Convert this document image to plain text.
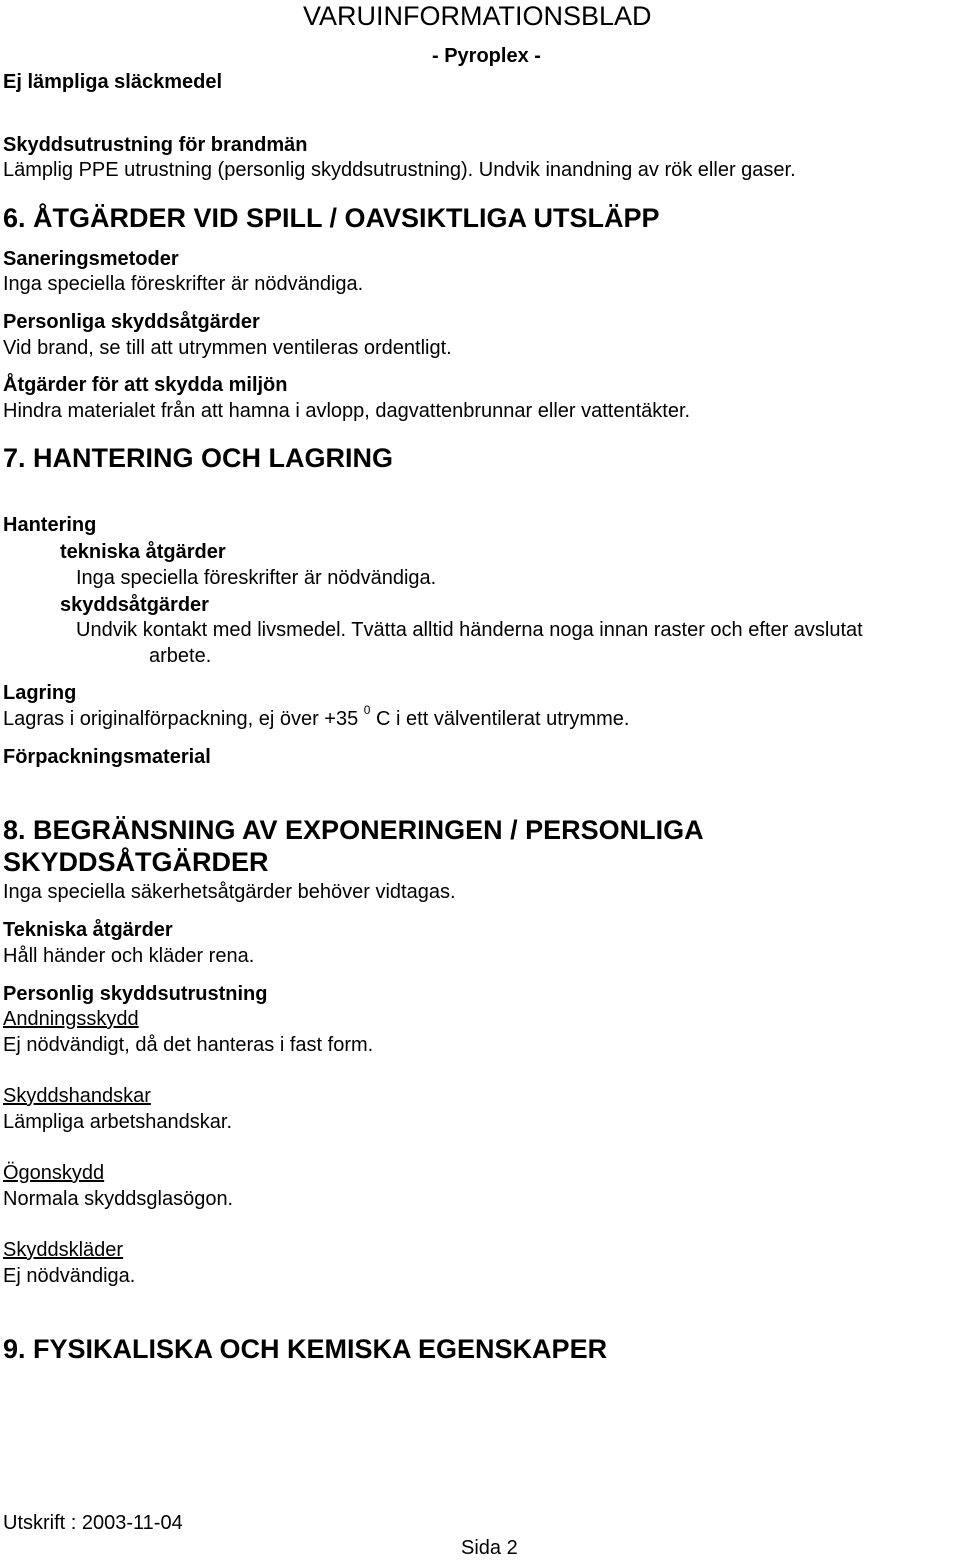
VARUINFORMATIONSBLAD
- Pyroplex -
Ej lämpliga släckmedel
Skyddsutrustning för brandmän
Lämplig PPE utrustning (personlig skyddsutrustning). Undvik inandning av rök eller gaser.
6. ÅTGÄRDER VID SPILL / OAVSIKTLIGA UTSLÄPP
Saneringsmetoder
Inga speciella föreskrifter är nödvändiga.
Personliga skyddsåtgärder
Vid brand, se till att utrymmen ventileras ordentligt.
Åtgärder för att skydda miljön
Hindra materialet från att hamna i avlopp, dagvattenbrunnar eller vattentäkter.
7. HANTERING OCH LAGRING
Hantering
tekniska åtgärder
Inga speciella föreskrifter är nödvändiga.
skyddsåtgärder
Undvik kontakt med livsmedel. Tvätta alltid händerna noga innan raster och efter avslutat
arbete.
Lagring
Lagras i originalförpackning, ej över +35 $^0$ C i ett välventilerat utrymme.
Förpackningsmaterial
8. BEGRÄNSNING AV EXPONERINGEN / PERSONLIGA
SKYDDSÅTGÄRDER
Inga speciella säkerhetsåtgärder behöver vidtagas.
Tekniska åtgärder
Håll händer och kläder rena.
Personlig skyddsutrustning
Andningsskydd
Ej nödvändigt, då det hanteras i fast form.
Skyddshandskar
Lämpliga arbetshandskar.
Ögonskydd
Normala skyddsglasögon.
Skyddskläder
Ej nödvändiga.
9. FYSIKALISKA OCH KEMISKA EGENSKAPER
Utskrift : 2003-11-04
Sida 2
